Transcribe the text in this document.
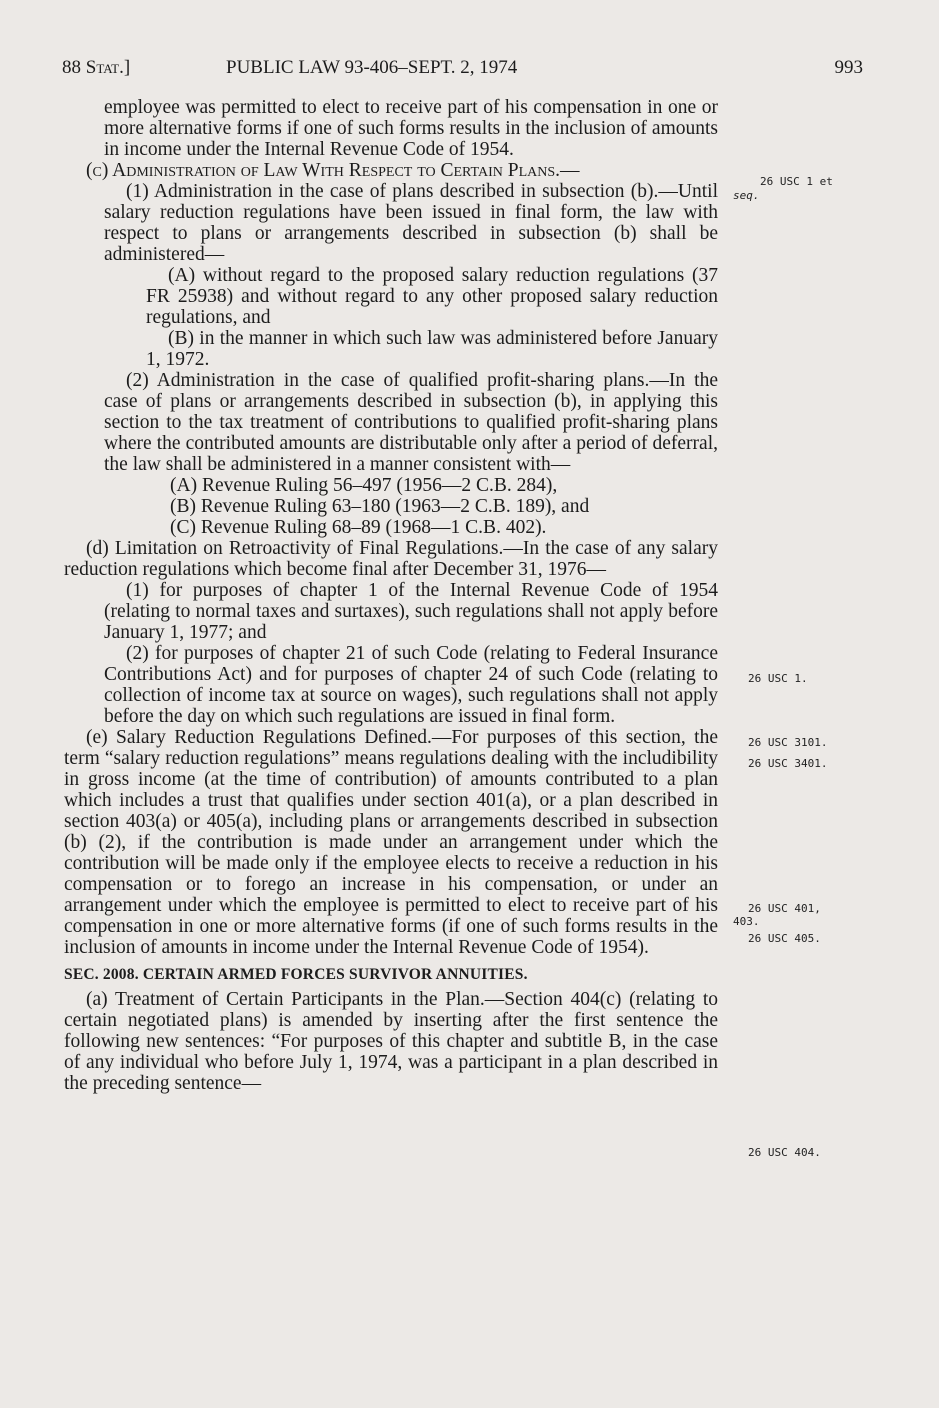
88 Stat.]	PUBLIC LAW 93-406–SEPT. 2, 1974	993

employee was permitted to elect to receive part of his compensation in one or more alternative forms if one of such forms results in the inclusion of amounts in income under the Internal Revenue Code of 1954.

(c) Administration of Law With Respect to Certain Plans.—

(1) Administration in the case of plans described in subsection (b).—Until salary reduction regulations have been issued in final form, the law with respect to plans or arrangements described in subsection (b) shall be administered—

(A) without regard to the proposed salary reduction regulations (37 FR 25938) and without regard to any other proposed salary reduction regulations, and

(B) in the manner in which such law was administered before January 1, 1972.

(2) Administration in the case of qualified profit-sharing plans.—In the case of plans or arrangements described in subsection (b), in applying this section to the tax treatment of contributions to qualified profit-sharing plans where the contributed amounts are distributable only after a period of deferral, the law shall be administered in a manner consistent with—

(A) Revenue Ruling 56–497 (1956—2 C.B. 284),

(B) Revenue Ruling 63–180 (1963—2 C.B. 189), and

(C) Revenue Ruling 68–89 (1968—1 C.B. 402).

(d) Limitation on Retroactivity of Final Regulations.—In the case of any salary reduction regulations which become final after December 31, 1976—

(1) for purposes of chapter 1 of the Internal Revenue Code of 1954 (relating to normal taxes and surtaxes), such regulations shall not apply before January 1, 1977; and

(2) for purposes of chapter 21 of such Code (relating to Federal Insurance Contributions Act) and for purposes of chapter 24 of such Code (relating to collection of income tax at source on wages), such regulations shall not apply before the day on which such regulations are issued in final form.

(e) Salary Reduction Regulations Defined.—For purposes of this section, the term “salary reduction regulations” means regulations dealing with the includibility in gross income (at the time of contribution) of amounts contributed to a plan which includes a trust that qualifies under section 401(a), or a plan described in section 403(a) or 405(a), including plans or arrangements described in subsection (b) (2), if the contribution is made under an arrangement under which the contribution will be made only if the employee elects to receive a reduction in his compensation or to forego an increase in his compensation, or under an arrangement under which the employee is permitted to elect to receive part of his compensation in one or more alternative forms (if one of such forms results in the inclusion of amounts in income under the Internal Revenue Code of 1954).

SEC. 2008. CERTAIN ARMED FORCES SURVIVOR ANNUITIES.

(a) Treatment of Certain Participants in the Plan.—Section 404(c) (relating to certain negotiated plans) is amended by inserting after the first sentence the following new sentences: “For purposes of this chapter and subtitle B, in the case of any individual who before July 1, 1974, was a participant in a plan described in the preceding sentence—

26 USC 1 et
seq.
26 USC 1.
26 USC 3101.
26 USC 3401.
26 USC 401,
403.
26 USC 405.
26 USC 404.
